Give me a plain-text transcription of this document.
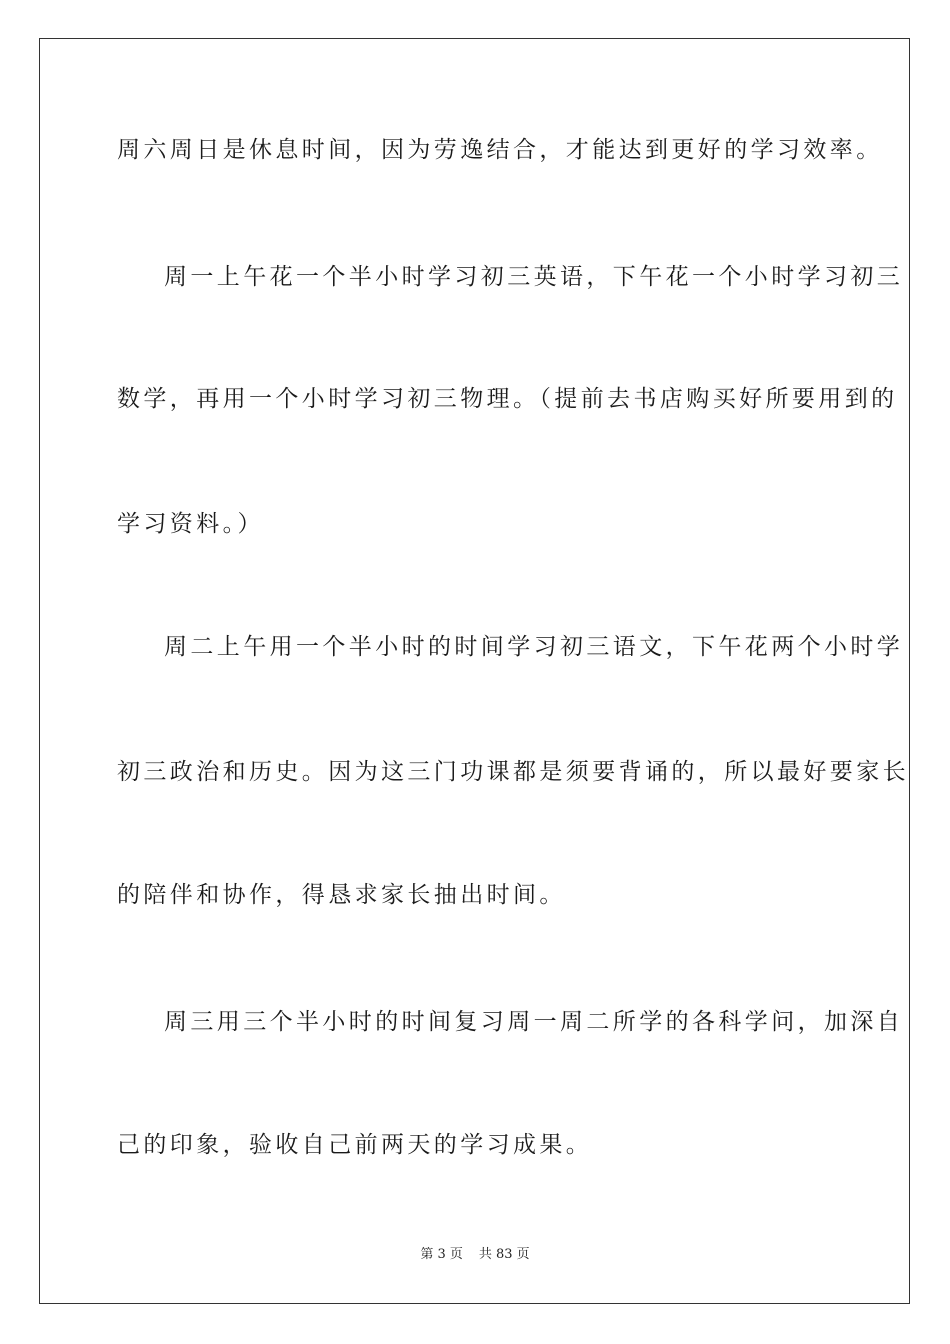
周六周日是休息时间，因为劳逸结合，才能达到更好的学习效率。
周一上午花一个半小时学习初三英语，下午花一个小时学习初三
数学，再用一个小时学习初三物理。（提前去书店购买好所要用到的
学习资料。）
周二上午用一个半小时的时间学习初三语文，下午花两个小时学
初三政治和历史。因为这三门功课都是须要背诵的，所以最好要家长
的陪伴和协作，得恳求家长抽出时间。
周三用三个半小时的时间复习周一周二所学的各科学问，加深自
己的印象，验收自己前两天的学习成果。
第 3 页 共 83 页
